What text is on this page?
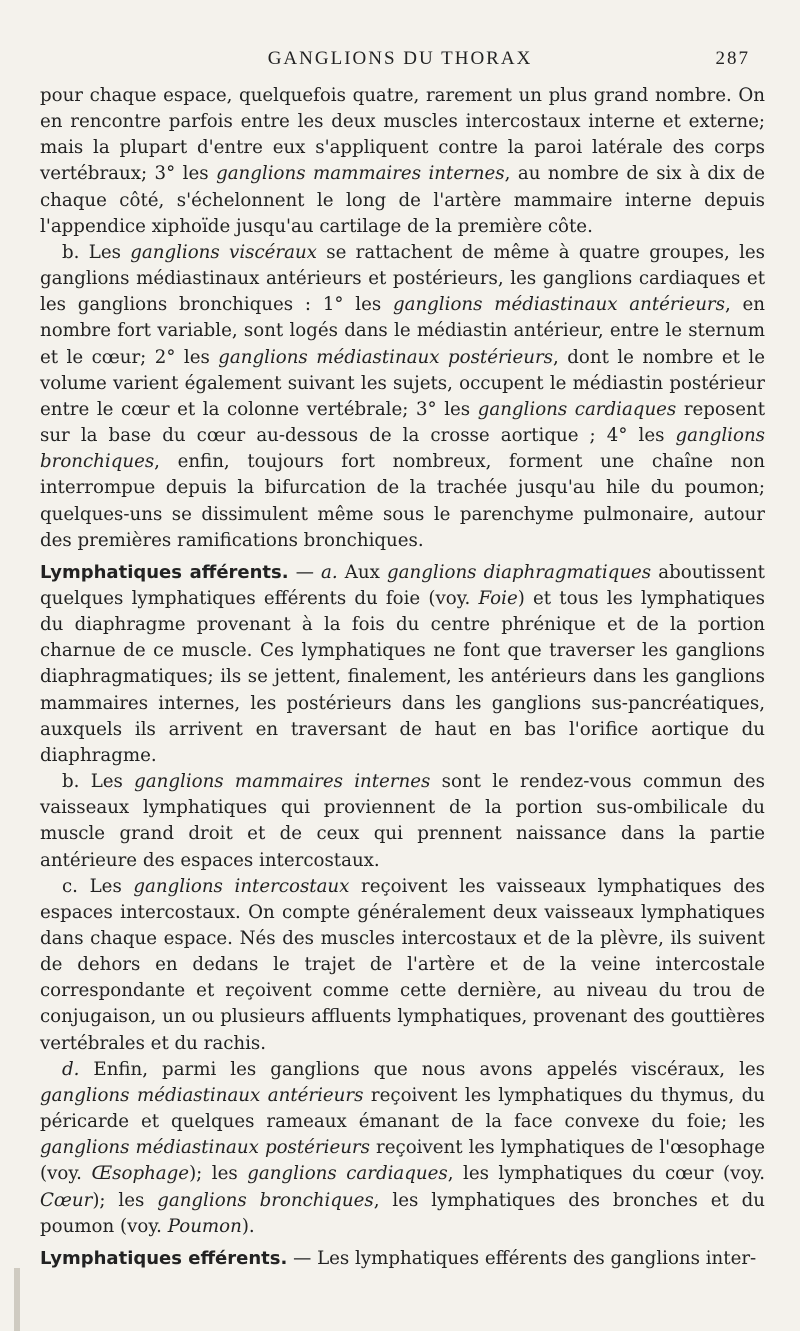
GANGLIONS DU THORAX	287

pour chaque espace, quelquefois quatre, rarement un plus grand nombre. On en rencontre parfois entre les deux muscles intercostaux interne et externe; mais la plupart d'entre eux s'appliquent contre la paroi latérale des corps vertébraux; 3° les ganglions mammaires internes, au nombre de six à dix de chaque côté, s'échelonnent le long de l'artère mammaire interne depuis l'appendice xiphoïde jusqu'au cartilage de la première côte.

b. Les ganglions viscéraux se rattachent de même à quatre groupes, les ganglions médiastinaux antérieurs et postérieurs, les ganglions cardiaques et les ganglions bronchiques : 1° les ganglions médiastinaux antérieurs, en nombre fort variable, sont logés dans le médiastin antérieur, entre le sternum et le cœur; 2° les ganglions médiastinaux postérieurs, dont le nombre et le volume varient également suivant les sujets, occupent le médiastin postérieur entre le cœur et la colonne vertébrale; 3° les ganglions cardiaques reposent sur la base du cœur au-dessous de la crosse aortique ; 4° les ganglions bronchiques, enfin, toujours fort nombreux, forment une chaîne non interrompue depuis la bifurcation de la trachée jusqu'au hile du poumon; quelques-uns se dissimulent même sous le parenchyme pulmonaire, autour des premières ramifications bronchiques.

Lymphatiques afférents. — a. Aux ganglions diaphragmatiques aboutissent quelques lymphatiques efférents du foie (voy. Foie) et tous les lymphatiques du diaphragme provenant à la fois du centre phrénique et de la portion charnue de ce muscle. Ces lymphatiques ne font que traverser les ganglions diaphragmatiques; ils se jettent, finalement, les antérieurs dans les ganglions mammaires internes, les postérieurs dans les ganglions sus-pancréatiques, auxquels ils arrivent en traversant de haut en bas l'orifice aortique du diaphragme.

b. Les ganglions mammaires internes sont le rendez-vous commun des vaisseaux lymphatiques qui proviennent de la portion sus-ombilicale du muscle grand droit et de ceux qui prennent naissance dans la partie antérieure des espaces intercostaux.

c. Les ganglions intercostaux reçoivent les vaisseaux lymphatiques des espaces intercostaux. On compte généralement deux vaisseaux lymphatiques dans chaque espace. Nés des muscles intercostaux et de la plèvre, ils suivent de dehors en dedans le trajet de l'artère et de la veine intercostale correspondante et reçoivent comme cette dernière, au niveau du trou de conjugaison, un ou plusieurs affluents lymphatiques, provenant des gouttières vertébrales et du rachis.

d. Enfin, parmi les ganglions que nous avons appelés viscéraux, les ganglions médiastinaux antérieurs reçoivent les lymphatiques du thymus, du péricarde et quelques rameaux émanant de la face convexe du foie; les ganglions médiastinaux postérieurs reçoivent les lymphatiques de l'œsophage (voy. Œsophage); les ganglions cardiaques, les lymphatiques du cœur (voy. Cœur); les ganglions bronchiques, les lymphatiques des bronches et du poumon (voy. Poumon).

Lymphatiques efférents. — Les lymphatiques efférents des ganglions inter-
